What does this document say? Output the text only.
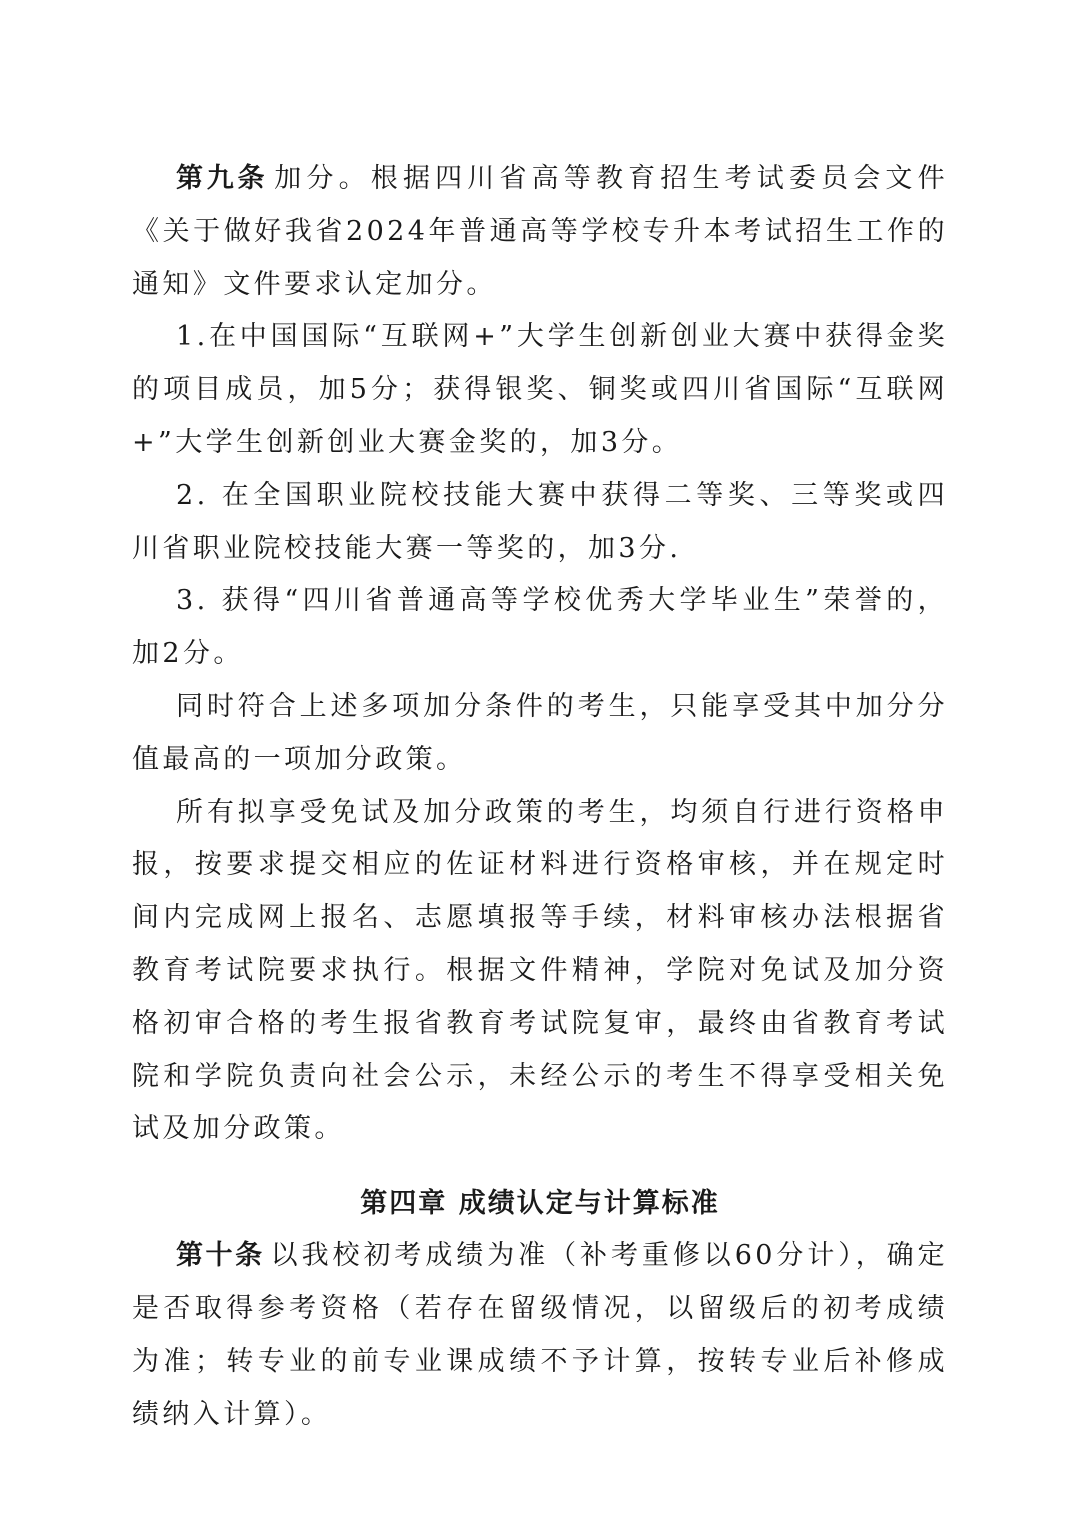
第九条 加分。根据四川省高等教育招生考试委员会文件《关于做好我省2024年普通高等学校专升本考试招生工作的通知》文件要求认定加分。

1.在中国国际“互联网+”大学生创新创业大赛中获得金奖的项目成员，加5分；获得银奖、铜奖或四川省国际“互联网+”大学生创新创业大赛金奖的，加3分。

2. 在全国职业院校技能大赛中获得二等奖、三等奖或四川省职业院校技能大赛一等奖的，加3分.

3. 获得“四川省普通高等学校优秀大学毕业生”荣誉的，加2分。

同时符合上述多项加分条件的考生，只能享受其中加分分值最高的一项加分政策。

所有拟享受免试及加分政策的考生，均须自行进行资格申报，按要求提交相应的佐证材料进行资格审核，并在规定时间内完成网上报名、志愿填报等手续，材料审核办法根据省教育考试院要求执行。根据文件精神，学院对免试及加分资格初审合格的考生报省教育考试院复审，最终由省教育考试院和学院负责向社会公示，未经公示的考生不得享受相关免试及加分政策。

第四章 成绩认定与计算标准

第十条 以我校初考成绩为准（补考重修以60分计），确定是否取得参考资格（若存在留级情况，以留级后的初考成绩为准；转专业的前专业课成绩不予计算，按转专业后补修成绩纳入计算）。
